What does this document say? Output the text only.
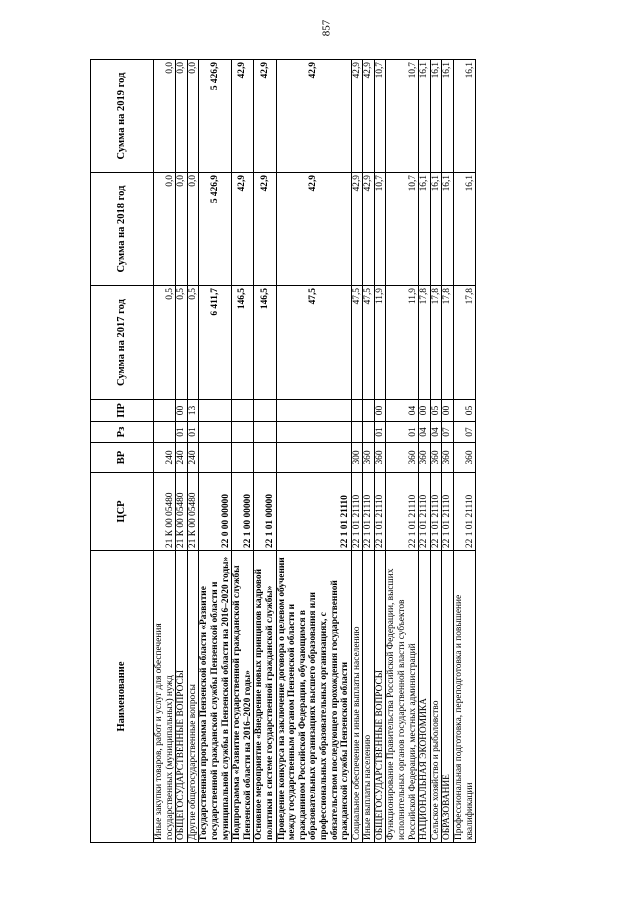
857
Наименование	ЦСР	ВР	Рз	ПР	Сумма на 2017 год	Сумма на 2018 год	Сумма на 2019 год
Иные закупки товаров, работ и услуг для обеспечения государственных (муниципальных) нужд	21 К 00 05480	240			0,5	0,0	0,0
ОБЩЕГОСУДАРСТВЕННЫЕ ВОПРОСЫ	21 К 00 05480	240	01	00	0,5	0,0	0,0
Другие общегосударственные вопросы	21 К 00 05480	240	01	13	0,5	0,0	0,0
Государственная программа Пензенской области «Развитие государственной гражданской службы Пензенской области и муниципальной службы в Пензенской области на 2016–2020 годы»	22 0 00 00000				6 411,7	5 426,9	5 426,9
Подпрограмма «Развитие государственной гражданской службы Пензенской области на 2016–2020 годы»	22 1 00 00000				146,5	42,9	42,9
Основное мероприятие «Внедрение новых принципов кадровой политики в системе государственной гражданской службы»	22 1 01 00000				146,5	42,9	42,9
Проведение конкурса на заключение договора о целевом обучении между государственным органом Пензенской области и гражданином Российской Федерации, обучающимся в образовательных организациях высшего образования или профессиональных образовательных организациях, с обязательством последующего прохождения государственной гражданской службы Пензенской области	22 1 01 21110				47,5	42,9	42,9
Социальное обеспечение и иные выплаты населению	22 1 01 21110	300			47,5	42,9	42,9
Иные выплаты населению	22 1 01 21110	360			47,5	42,9	42,9
ОБЩЕГОСУДАРСТВЕННЫЕ ВОПРОСЫ	22 1 01 21110	360	01	00	11,9	10,7	10,7
Функционирование Правительства Российской Федерации, высших исполнительных органов государственной власти субъектов Российской Федерации, местных администраций	22 1 01 21110	360	01	04	11,9	10,7	10,7
НАЦИОНАЛЬНАЯ ЭКОНОМИКА	22 1 01 21110	360	04	00	17,8	16,1	16,1
Сельское хозяйство и рыболовство	22 1 01 21110	360	04	05	17,8	16,1	16,1
ОБРАЗОВАНИЕ	22 1 01 21110	360	07	00	17,8	16,1	16,1
Профессиональная подготовка, переподготовка и повышение квалификации	22 1 01 21110	360	07	05	17,8	16,1	16,1
